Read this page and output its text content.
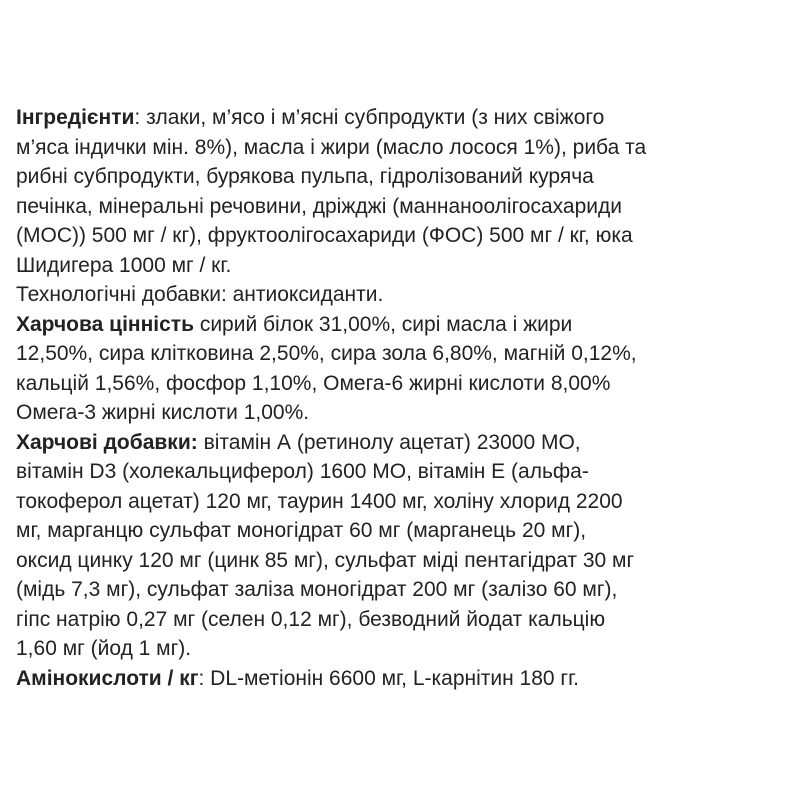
Інгредієнти: злаки, м’ясо і м’ясні субпродукти (з них свіжого
м’яса індички мін. 8%), масла і жири (масло лосося 1%), риба та
рибні субпродукти, бурякова пульпа, гідролізований куряча
печінка, мінеральні речовини, дріжджі (маннаноолігосахариди
(МОС)) 500 мг / кг), фруктоолігосахариди (ФОС) 500 мг / кг, юка
Шидигера 1000 мг / кг.
Технологічні добавки: антиоксиданти.
Харчова цінність сирий білок 31,00%, сирі масла і жири
12,50%, сира клітковина 2,50%, сира зола 6,80%, магній 0,12%,
кальцій 1,56%, фосфор 1,10%, Омега-6 жирні кислоти 8,00%
Омега-3 жирні кислоти 1,00%.
Харчові добавки: вітамін А (ретинолу ацетат) 23000 МО,
вітамін D3 (холекальциферол) 1600 МО, вітамін Е (альфа-
токоферол ацетат) 120 мг, таурин 1400 мг, холіну хлорид 2200
мг, марганцю сульфат моногідрат 60 мг (марганець 20 мг),
оксид цинку 120 мг (цинк 85 мг), сульфат міді пентагідрат 30 мг
(мідь 7,3 мг), сульфат заліза моногідрат 200 мг (залізо 60 мг),
гіпс натрію 0,27 мг (селен 0,12 мг), безводний йодат кальцію
1,60 мг (йод 1 мг).
Амінокислоти / кг: DL-метіонін 6600 мг, L-карнітин 180 гг.
